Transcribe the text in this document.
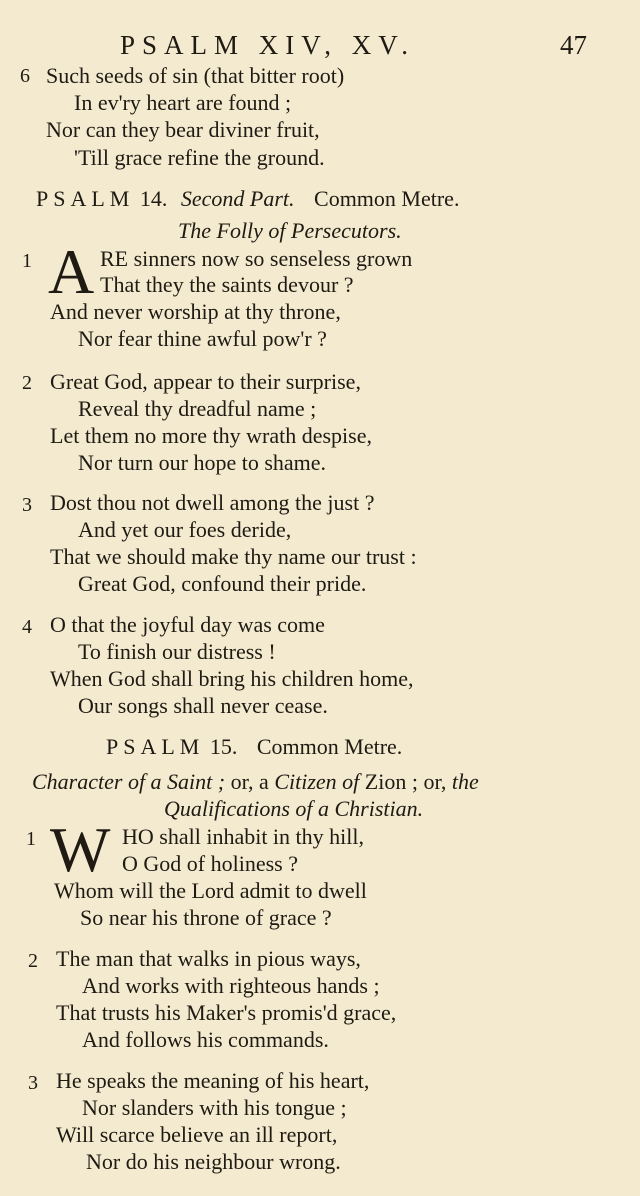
PSALM XIV, XV.	47
6 Such seeds of sin (that bitter root)
In ev'ry heart are found ;
Nor can they bear diviner fruit,
'Till grace refine the ground.
PSALM 14. Second Part. Common Metre.
The Folly of Persecutors.
1 A RE sinners now so senseless grown
That they the saints devour ?
And never worship at thy throne,
Nor fear thine awful pow'r ?
2 Great God, appear to their surprise,
Reveal thy dreadful name ;
Let them no more thy wrath despise,
Nor turn our hope to shame.
3 Dost thou not dwell among the just ?
And yet our foes deride,
That we should make thy name our trust :
Great God, confound their pride.
4 O that the joyful day was come
To finish our distress !
When God shall bring his children home,
Our songs shall never cease.
PSALM 15. Common Metre.
Character of a Saint ; or, a Citizen of Zion ; or, the
Qualifications of a Christian.
1 W HO shall inhabit in thy hill,
O God of holiness ?
Whom will the Lord admit to dwell
So near his throne of grace ?
2 The man that walks in pious ways,
And works with righteous hands ;
That trusts his Maker's promis'd grace,
And follows his commands.
3 He speaks the meaning of his heart,
Nor slanders with his tongue ;
Will scarce believe an ill report,
Nor do his neighbour wrong.
